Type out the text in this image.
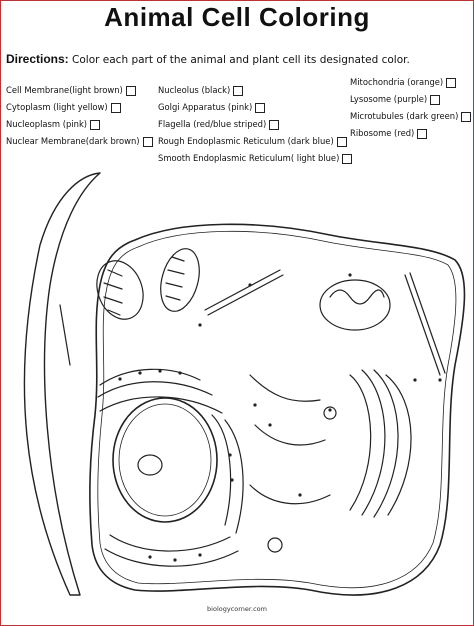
Animal Cell Coloring
Directions: Color each part of the animal and plant cell its designated color.
Cell Membrane(light brown)
Cytoplasm (light yellow)
Nucleoplasm (pink)
Nuclear Membrane(dark brown)
Nucleolus (black)
Golgi Apparatus (pink)
Flagella (red/blue striped)
Rough Endoplasmic Reticulum (dark blue)
Smooth Endoplasmic Reticulum( light blue)
Mitochondria (orange)
Lysosome (purple)
Microtubules (dark green)
Ribosome (red)
biologycorner.com
